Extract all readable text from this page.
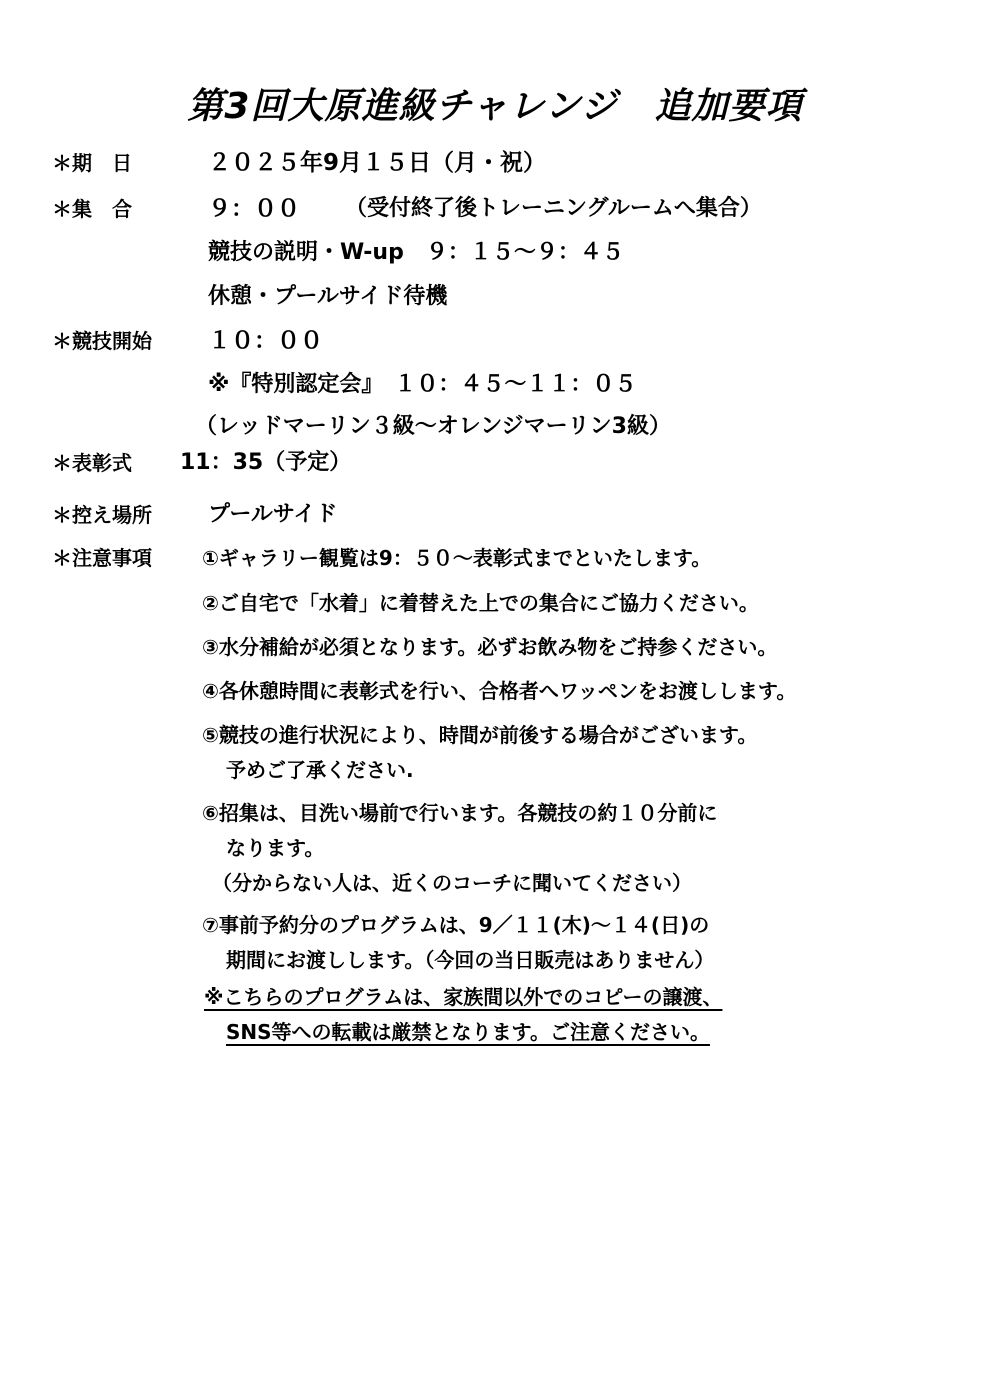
第3回大原進級チャレンジ　追加要項
＊期　日	２０２５年9月１５日（月・祝）
＊集　合	９：００ （受付終了後トレーニングルームへ集合）
競技の説明・W-up　９：１５～９：４５
休憩・プールサイド待機
＊競技開始 １０：００
※『特別認定会』　１０：４５～１１：０５
（レッドマーリン３級～オレンジマーリン3級）
＊表彰式 11：35（予定）
＊控え場所	プールサイド
＊注意事項	①ギャラリー観覧は9：５０～表彰式までといたします。
②ご自宅で「水着」に着替えた上での集合にご協力ください。
③水分補給が必須となります。必ずお飲み物をご持参ください。
④各休憩時間に表彰式を行い、合格者へワッペンをお渡しします。
⑤競技の進行状況により、時間が前後する場合がございます。
予めご了承ください.
⑥招集は、目洗い場前で行います。各競技の約１０分前に
なります。
（分からない人は、近くのコーチに聞いてください）
⑦事前予約分のプログラムは、9／１１(木)～１４(日)の
期間にお渡しします。（今回の当日販売はありません）
※こちらのプログラムは、家族間以外でのコピーの譲渡、
SNS等への転載は厳禁となります。ご注意ください。
